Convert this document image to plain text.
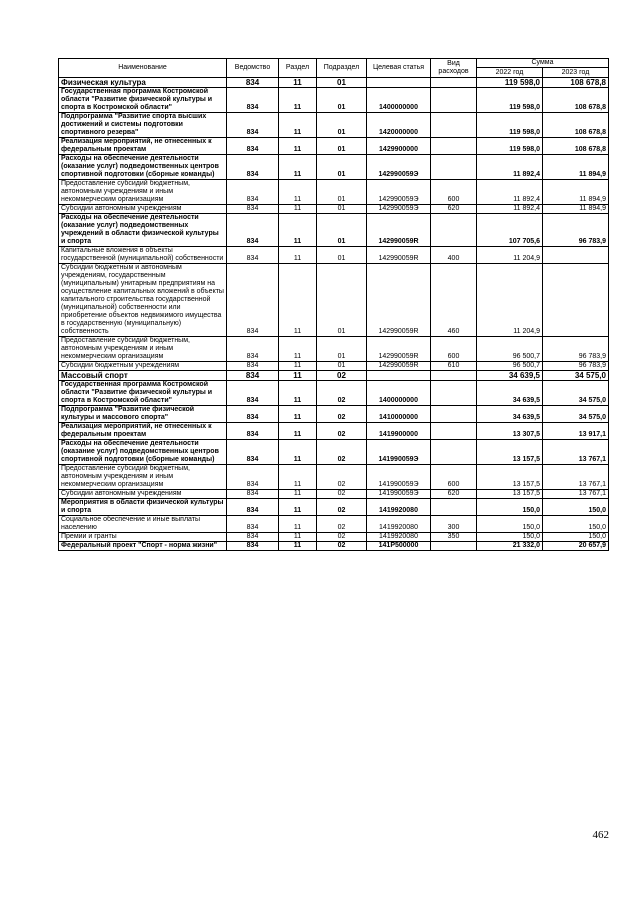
Наименование	Ведомство	Раздел	Подраздел	Целевая статья	Вид расходов	Сумма	
						2022 год	2023 год
Физическая культура	834	11	01			119 598,0	108 678,8
Государственная программа Костромской области "Развитие физической культуры и спорта в Костромской области"	834	11	01	1400000000		119 598,0	108 678,8
Подпрограмма "Развитие спорта высших достижений и системы подготовки спортивного резерва"	834	11	01	1420000000		119 598,0	108 678,8
Реализация мероприятий, не отнесенных к федеральным проектам	834	11	01	1429900000		119 598,0	108 678,8
Расходы на обеспечение деятельности (оказание услуг) подведомственных центров спортивной подготовки (сборные команды)	834	11	01	142990059Э		11 892,4	11 894,9
Предоставление субсидий бюджетным, автономным учреждениям и иным некоммерческим организациям	834	11	01	142990059Э	600	11 892,4	11 894,9
Субсидии автономным учреждениям	834	11	01	142990059Э	620	11 892,4	11 894,9
Расходы на обеспечение деятельности (оказание услуг) подведомственных учреждений в области физической культуры и спорта	834	11	01	142990059R		107 705,6	96 783,9
Капитальные вложения в объекты государственной (муниципальной) собственности	834	11	01	142990059R	400	11 204,9	
Субсидии бюджетным и автономным учреждениям, государственным (муниципальным) унитарным предприятиям на осуществление капитальных вложений в объекты капитального строительства государственной (муниципальной) собственности или приобретение объектов недвижимого имущества в государственную (муниципальную) собственность	834	11	01	142990059R	460	11 204,9	
Предоставление субсидий бюджетным, автономным учреждениям и иным некоммерческим организациям	834	11	01	142990059R	600	96 500,7	96 783,9
Субсидии бюджетным учреждениям	834	11	01	142990059R	610	96 500,7	96 783,9
Массовый спорт	834	11	02			34 639,5	34 575,0
Государственная программа Костромской области "Развитие физической культуры и спорта в Костромской области"	834	11	02	1400000000		34 639,5	34 575,0
Подпрограмма "Развитие физической культуры и массового спорта"	834	11	02	1410000000		34 639,5	34 575,0
Реализация мероприятий, не отнесенных к федеральным проектам	834	11	02	1419900000		13 307,5	13 917,1
Расходы на обеспечение деятельности (оказание услуг) подведомственных центров спортивной подготовки (сборные команды)	834	11	02	141990059Э		13 157,5	13 767,1
Предоставление субсидий бюджетным, автономным учреждениям и иным некоммерческим организациям	834	11	02	141990059Э	600	13 157,5	13 767,1
Субсидии автономным учреждениям	834	11	02	141990059Э	620	13 157,5	13 767,1
Мероприятия в области физической культуры и спорта	834	11	02	1419920080		150,0	150,0
Социальное обеспечение и иные выплаты населению	834	11	02	1419920080	300	150,0	150,0
Премии и гранты	834	11	02	1419920080	350	150,0	150,0
Федеральный проект "Спорт - норма жизни"	834	11	02	141P500000		21 332,0	20 657,9
462
